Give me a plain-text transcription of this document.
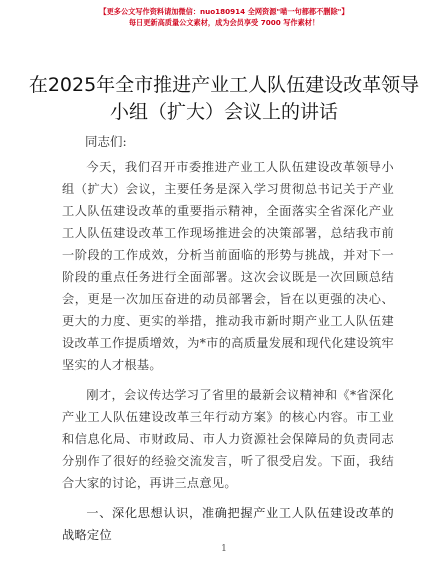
【更多公文写作资料请加微信：nuo180914 全网资源"喵一句都都不删除"】
每日更新高质量公文素材，成为会员享受 7000 写作素材！
在2025年全市推进产业工人队伍建设改革领导
小组（扩大）会议上的讲话
同志们:

今天，我们召开市委推进产业工人队伍建设改革领导小组（扩大）会议，主要任务是深入学习贯彻总书记关于产业工人队伍建设改革的重要指示精神，全面落实全省深化产业工人队伍建设改革工作现场推进会的决策部署，总结我市前一阶段的工作成效，分析当前面临的形势与挑战，并对下一阶段的重点任务进行全面部署。这次会议既是一次回顾总结会，更是一次加压奋进的动员部署会，旨在以更强的决心、更大的力度、更实的举措，推动我市新时期产业工人队伍建设改革工作提质增效，为*市的高质量发展和现代化建设筑牢坚实的人才根基。

刚才，会议传达学习了省里的最新会议精神和《*省深化产业工人队伍建设改革三年行动方案》的核心内容。市工业和信息化局、市财政局、市人力资源社会保障局的负责同志分别作了很好的经验交流发言，听了很受启发。下面，我结合大家的讨论，再讲三点意见。

一、深化思想认识，准确把握产业工人队伍建设改革的战略定位

1
